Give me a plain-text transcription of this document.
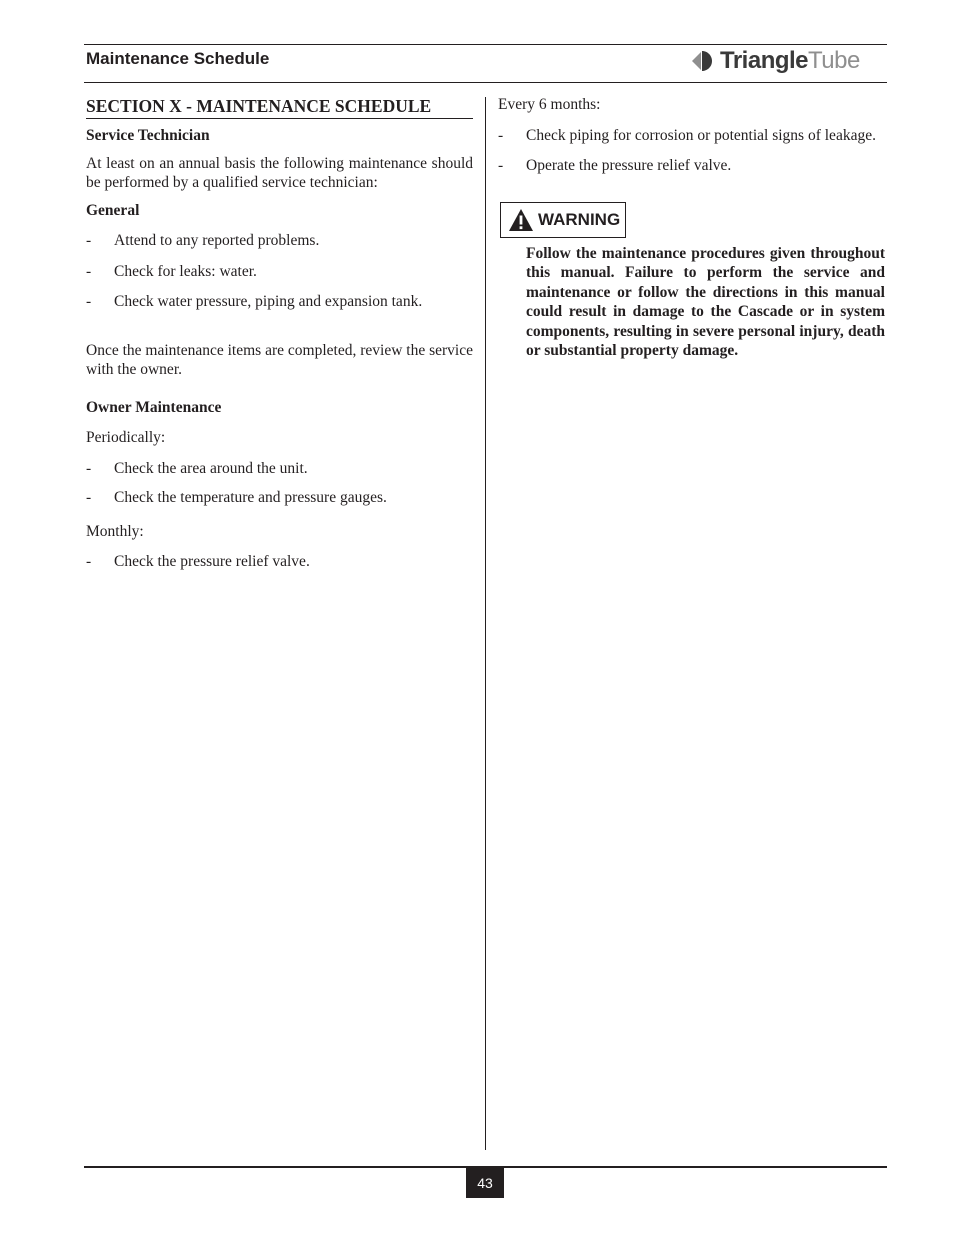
Maintenance Schedule	TriangleTube
SECTION X - MAINTENANCE SCHEDULE
Service Technician

At least on an annual basis the following maintenance should be performed by a qualified service technician:

General
- Attend to any reported problems.
- Check for leaks: water.
- Check water pressure, piping and expansion tank.

Once the maintenance items are completed, review the service with the owner.

Owner Maintenance

Periodically:

- Check the area around the unit.
- Check the temperature and pressure gauges.

Monthly:

- Check the pressure relief valve.

Every 6 months:

- Check piping for corrosion or potential signs of leakage.
- Operate the pressure relief valve.
WARNING
Follow the maintenance procedures given throughout this manual. Failure to perform the service and maintenance or follow the directions in this manual could result in damage to the Cascade or in system components, resulting in severe personal injury, death or substantial property damage.
43
